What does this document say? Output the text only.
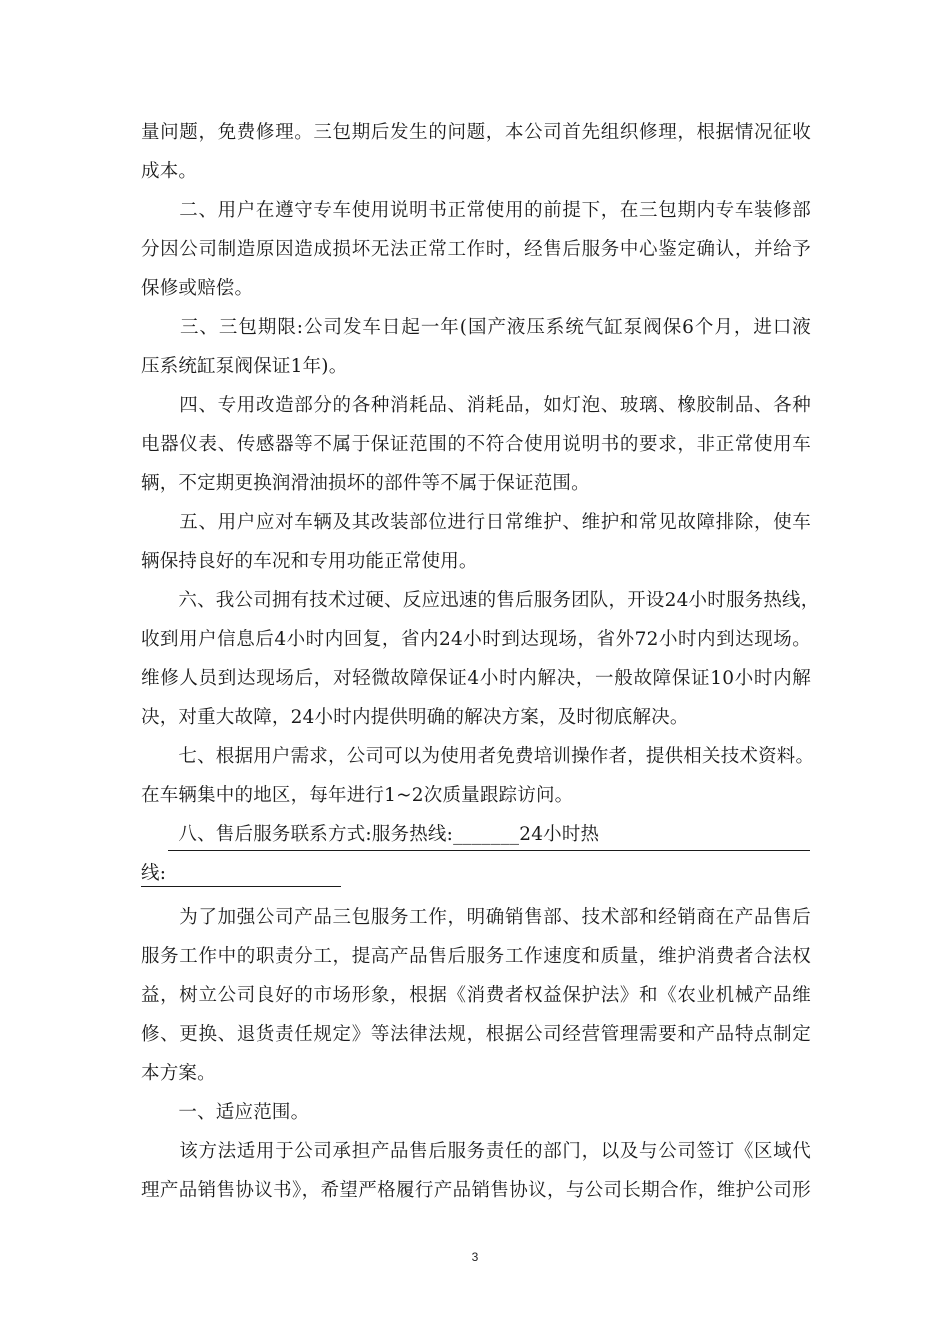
量问题，免费修理。三包期后发生的问题，本公司首先组织修理，根据情况征收
成本。
　　二、用户在遵守专车使用说明书正常使用的前提下，在三包期内专车装修部
分因公司制造原因造成损坏无法正常工作时，经售后服务中心鉴定确认，并给予
保修或赔偿。
　　三、三包期限:公司发车日起一年(国产液压系统气缸泵阀保6个月，进口液
压系统缸泵阀保证1年)。
　　四、专用改造部分的各种消耗品、消耗品，如灯泡、玻璃、橡胶制品、各种
电器仪表、传感器等不属于保证范围的不符合使用说明书的要求，非正常使用车
辆，不定期更换润滑油损坏的部件等不属于保证范围。
　　五、用户应对车辆及其改装部位进行日常维护、维护和常见故障排除，使车
辆保持良好的车况和专用功能正常使用。
　　六、我公司拥有技术过硬、反应迅速的售后服务团队，开设24小时服务热线，
收到用户信息后4小时内回复，省内24小时到达现场，省外72小时内到达现场。
维修人员到达现场后，对轻微故障保证4小时内解决，一般故障保证10小时内解
决，对重大故障，24小时内提供明确的解决方案，及时彻底解决。
　　七、根据用户需求，公司可以为使用者免费培训操作者，提供相关技术资料。
在车辆集中的地区，每年进行1~2次质量跟踪访问。
　　八、售后服务联系方式:服务热线:_______24小时热
线:
　　为了加强公司产品三包服务工作，明确销售部、技术部和经销商在产品售后
服务工作中的职责分工，提高产品售后服务工作速度和质量，维护消费者合法权
益，树立公司良好的市场形象，根据《消费者权益保护法》和《农业机械产品维
修、更换、退货责任规定》等法律法规，根据公司经营管理需要和产品特点制定
本方案。
　　一、适应范围。
　　该方法适用于公司承担产品售后服务责任的部门，以及与公司签订《区域代
理产品销售协议书》，希望严格履行产品销售协议，与公司长期合作，维护公司形
3
